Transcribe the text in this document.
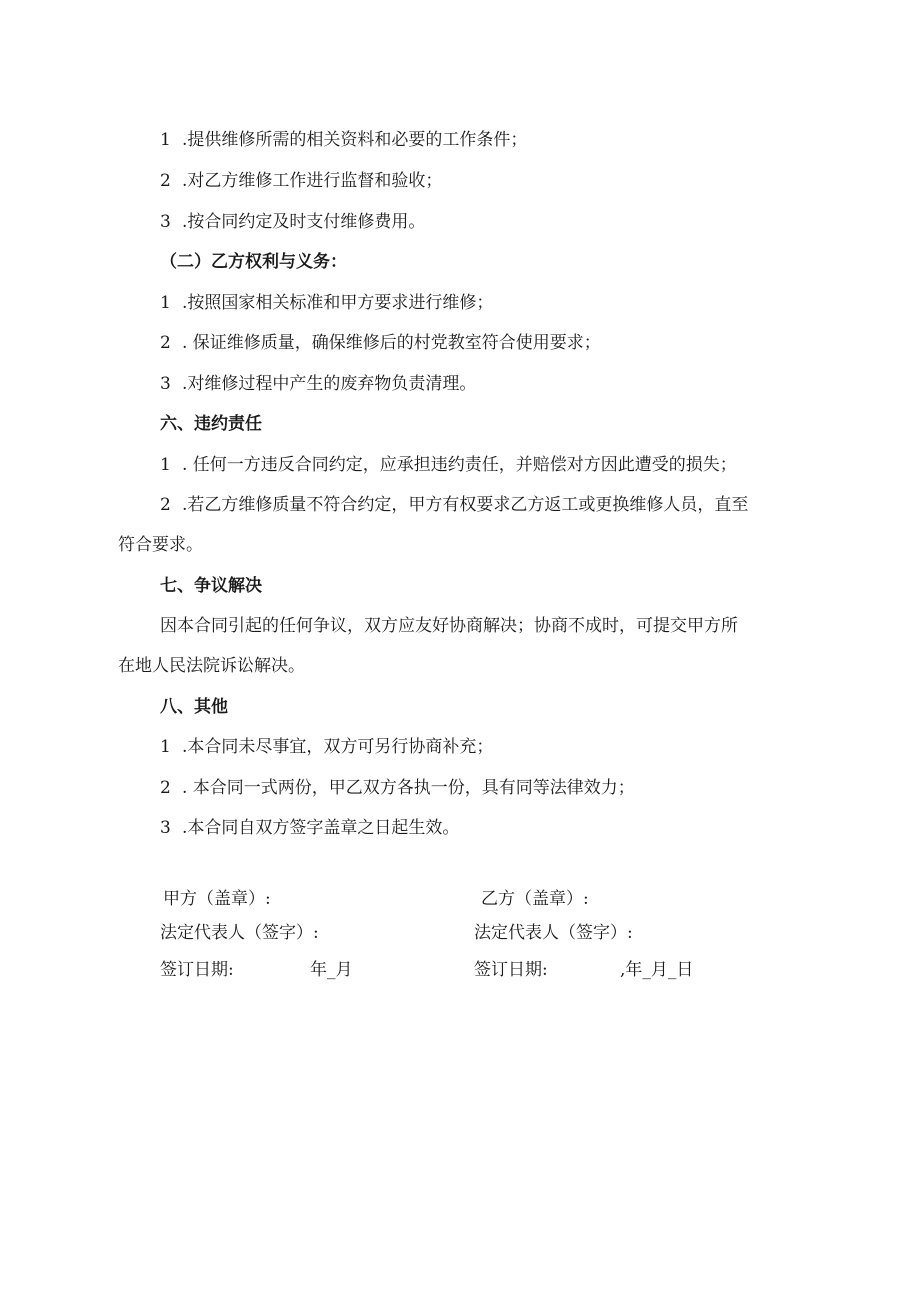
1 .提供维修所需的相关资料和必要的工作条件；
2 .对乙方维修工作进行监督和验收；
3 .按合同约定及时支付维修费用。
（二）乙方权利与义务：
1 .按照国家相关标准和甲方要求进行维修；
2 . 保证维修质量，确保维修后的村党教室符合使用要求；
3 .对维修过程中产生的废弃物负责清理。
六、违约责任
1 . 任何一方违反合同约定，应承担违约责任，并赔偿对方因此遭受的损失；
2 .若乙方维修质量不符合约定，甲方有权要求乙方返工或更换维修人员，直至
符合要求。
七、争议解决
因本合同引起的任何争议，双方应友好协商解决；协商不成时，可提交甲方所
在地人民法院诉讼解决。
八、其他
1 .本合同未尽事宜，双方可另行协商补充；
2 . 本合同一式两份，甲乙双方各执一份，具有同等法律效力；
3 .本合同自双方签字盖章之日起生效。
甲方（盖章）:	乙方（盖章）:
法定代表人（签字）:	法定代表人（签字）:
签订日期:	年_月	签订日期:	,年_月_日
